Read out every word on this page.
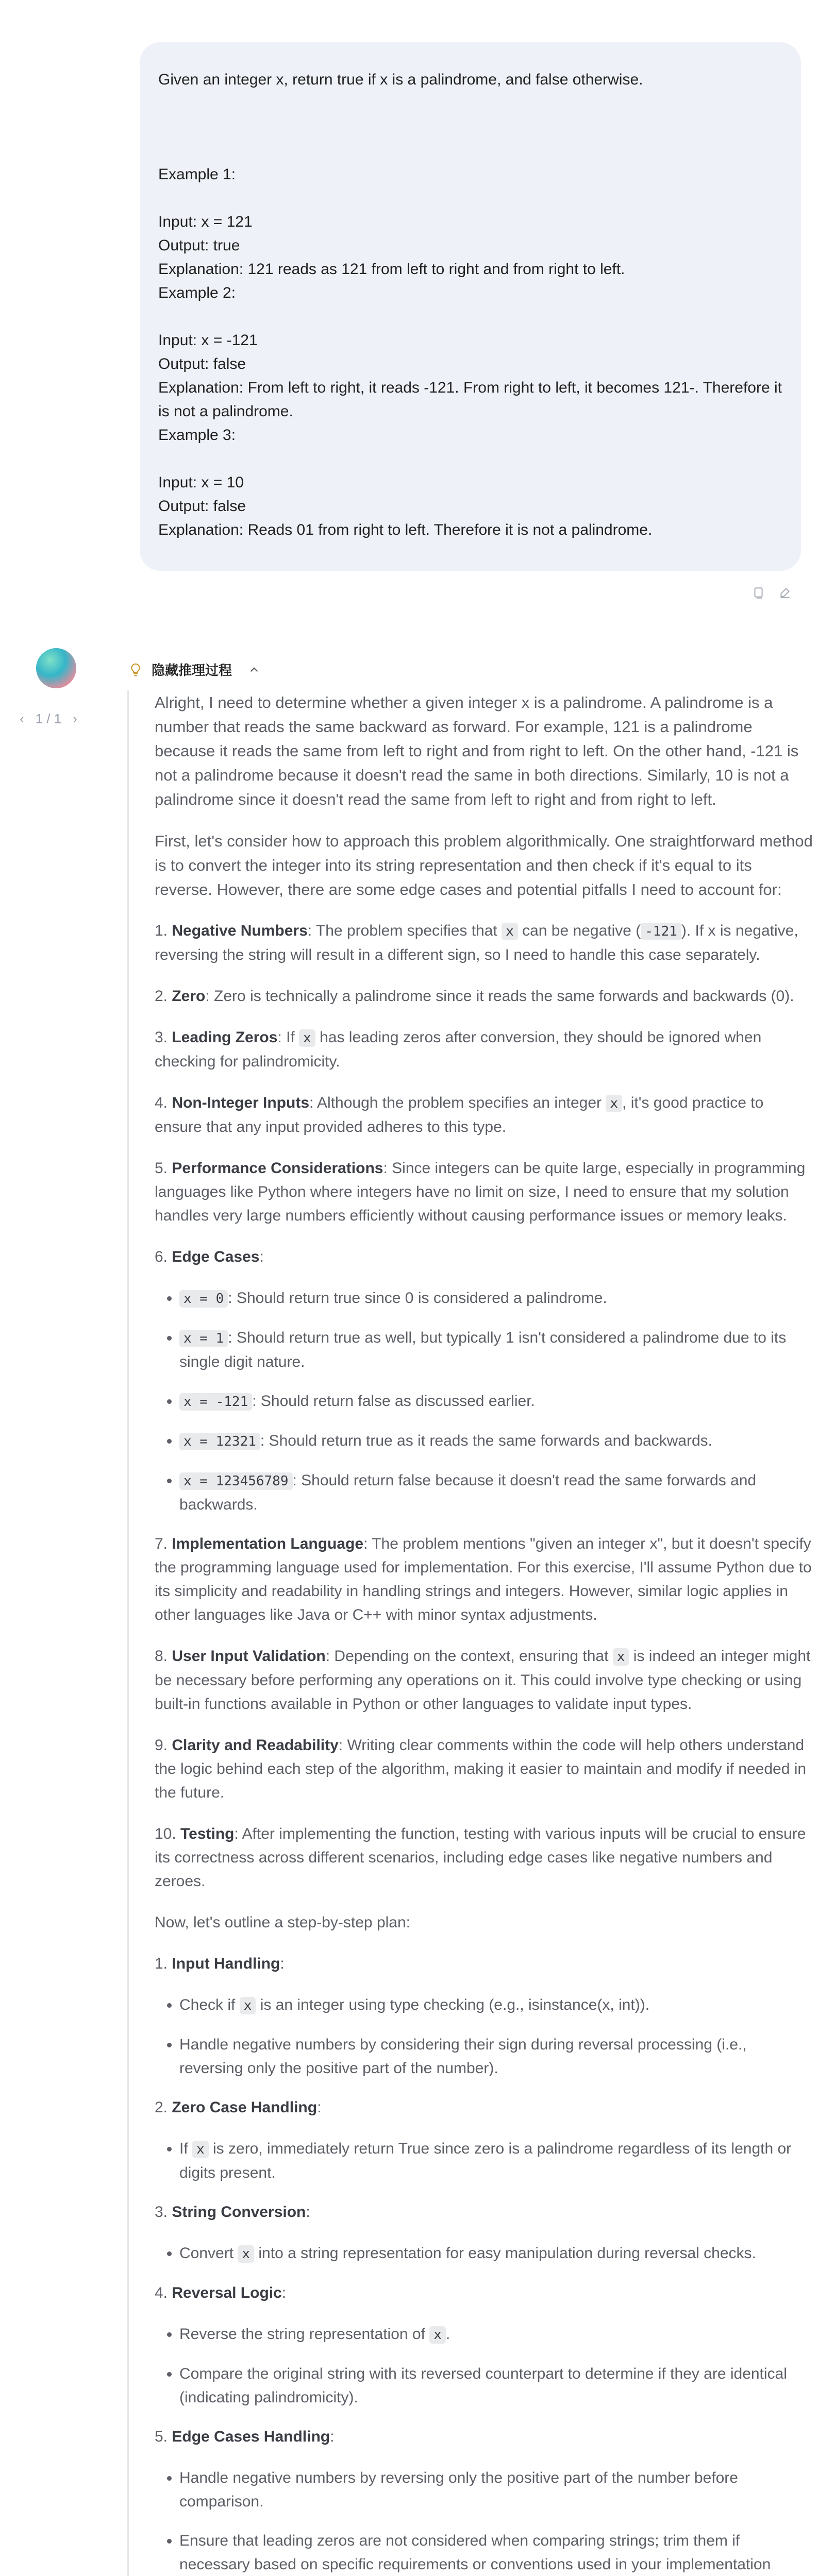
Given an integer x, return true if x is a palindrome, and false otherwise.
Example 1:
Input: x = 121
Output: true
Explanation: 121 reads as 121 from left to right and from right to left.
Example 2:
Input: x = -121
Output: false
Explanation: From left to right, it reads -121. From right to left, it becomes 121-. Therefore it is not a palindrome.
Example 3:
Input: x = 10
Output: false
Explanation: Reads 01 from right to left. Therefore it is not a palindrome.
‹ 1 / 1 ›
隐藏推理过程

Alright, I need to determine whether a given integer x is a palindrome. A palindrome is a number that reads the same backward as forward. For example, 121 is a palindrome because it reads the same from left to right and from right to left. On the other hand, -121 is not a palindrome because it doesn't read the same in both directions. Similarly, 10 is not a palindrome since it doesn't read the same from left to right and from right to left.

First, let's consider how to approach this problem algorithmically. One straightforward method is to convert the integer into its string representation and then check if it's equal to its reverse. However, there are some edge cases and potential pitfalls I need to account for:

1. Negative Numbers: The problem specifies that x can be negative ( -121 ). If x is negative, reversing the string will result in a different sign, so I need to handle this case separately.

2. Zero: Zero is technically a palindrome since it reads the same forwards and backwards (0).

3. Leading Zeros: If x has leading zeros after conversion, they should be ignored when checking for palindromicity.

4. Non-Integer Inputs: Although the problem specifies an integer x , it's good practice to ensure that any input provided adheres to this type.

5. Performance Considerations: Since integers can be quite large, especially in programming languages like Python where integers have no limit on size, I need to ensure that my solution handles very large numbers efficiently without causing performance issues or memory leaks.

6. Edge Cases:

• x = 0 : Should return true since 0 is considered a palindrome.
• x = 1 : Should return true as well, but typically 1 isn't considered a palindrome due to its single digit nature.
• x = -121 : Should return false as discussed earlier.
• x = 12321 : Should return true as it reads the same forwards and backwards.
• x = 123456789 : Should return false because it doesn't read the same forwards and backwards.

7. Implementation Language: The problem mentions "given an integer x", but it doesn't specify the programming language used for implementation. For this exercise, I'll assume Python due to its simplicity and readability in handling strings and integers. However, similar logic applies in other languages like Java or C++ with minor syntax adjustments.

8. User Input Validation: Depending on the context, ensuring that x is indeed an integer might be necessary before performing any operations on it. This could involve type checking or using built-in functions available in Python or other languages to validate input types.

9. Clarity and Readability: Writing clear comments within the code will help others understand the logic behind each step of the algorithm, making it easier to maintain and modify if needed in the future.

10. Testing: After implementing the function, testing with various inputs will be crucial to ensure its correctness across different scenarios, including edge cases like negative numbers and zeroes.

Now, let's outline a step-by-step plan:

1. Input Handling:

• Check if x is an integer using type checking (e.g., isinstance(x, int)).
• Handle negative numbers by considering their sign during reversal processing (i.e., reversing only the positive part of the number).

2. Zero Case Handling:

• If x is zero, immediately return True since zero is a palindrome regardless of its length or digits present.

3. String Conversion:

• Convert x into a string representation for easy manipulation during reversal checks.

4. Reversal Logic:

• Reverse the string representation of x .
• Compare the original string with its reversed counterpart to determine if they are identical (indicating palindromicity).

5. Edge Cases Handling:

• Handle negative numbers by reversing only the positive part of the number before comparison.
• Ensure that leading zeros are not considered when comparing strings; trim them if necessary based on specific requirements or conventions used in your implementation
